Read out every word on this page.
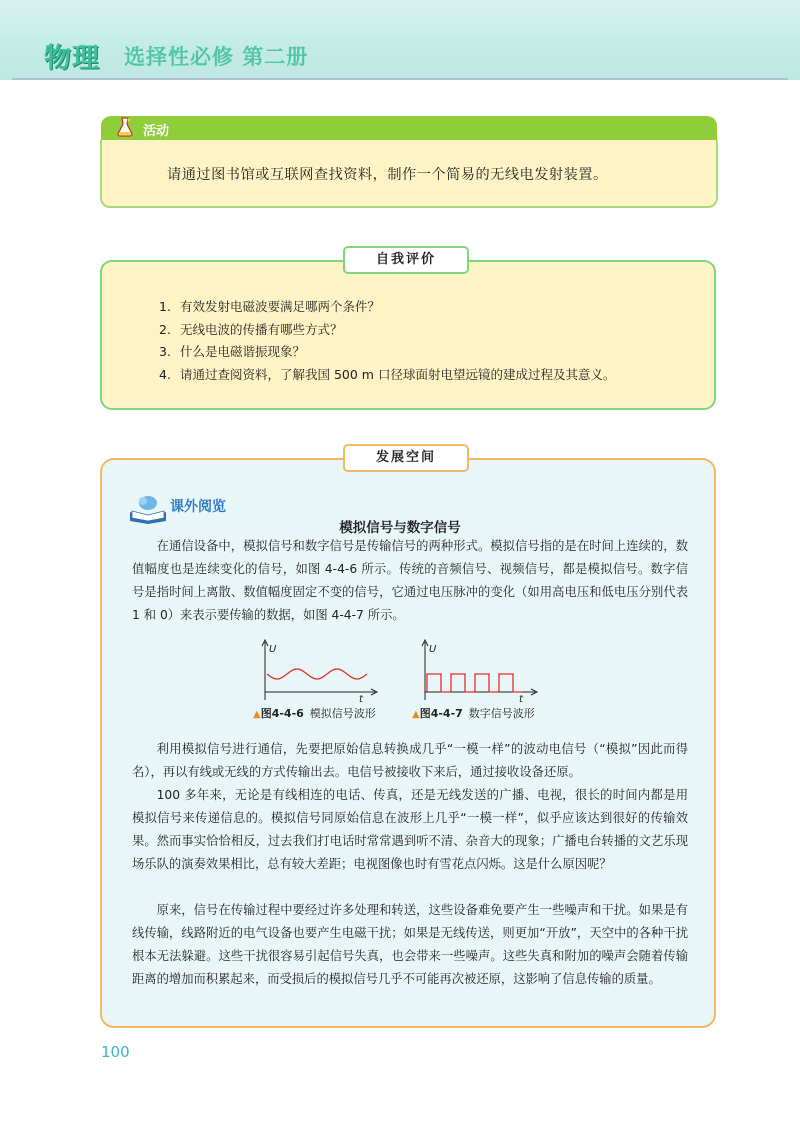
物理 选择性必修 第二册
活动
请通过图书馆或互联网查找资料，制作一个简易的无线电发射装置。
自我评价
1. 有效发射电磁波要满足哪两个条件？
2. 无线电波的传播有哪些方式？
3. 什么是电磁谐振现象？
4. 请通过查阅资料，了解我国 500 m 口径球面射电望远镜的建成过程及其意义。
发展空间
课外阅览
模拟信号与数字信号

在通信设备中，模拟信号和数字信号是传输信号的两种形式。模拟信号指的是在时间上连续的，数值幅度也是连续变化的信号，如图 4-4-6 所示。传统的音频信号、视频信号，都是模拟信号。数字信号是指时间上离散、数值幅度固定不变的信号，它通过电压脉冲的变化（如用高电压和低电压分别代表 1 和 0）来表示要传输的数据，如图 4-4-7 所示。

U
t
▲图4-4-6 模拟信号波形
U
t
▲图4-4-7 数字信号波形

利用模拟信号进行通信，先要把原始信息转换成几乎“一模一样”的波动电信号（“模拟”因此而得名），再以有线或无线的方式传输出去。电信号被接收下来后，通过接收设备还原。

100 多年来，无论是有线相连的电话、传真，还是无线发送的广播、电视，很长的时间内都是用模拟信号来传递信息的。模拟信号同原始信息在波形上几乎“一模一样”，似乎应该达到很好的传输效果。然而事实恰恰相反，过去我们打电话时常常遇到听不清、杂音大的现象；广播电台转播的文艺乐现场乐队的演奏效果相比，总有较大差距；电视图像也时有雪花点闪烁。这是什么原因呢？

原来，信号在传输过程中要经过许多处理和转送，这些设备难免要产生一些噪声和干扰。如果是有线传输，线路附近的电气设备也要产生电磁干扰；如果是无线传送，则更加“开放”，天空中的各种干扰根本无法躲避。这些干扰很容易引起信号失真，也会带来一些噪声。这些失真和附加的噪声会随着传输距离的增加而积累起来，而受损后的模拟信号几乎不可能再次被还原，这影响了信息传输的质量。

100
